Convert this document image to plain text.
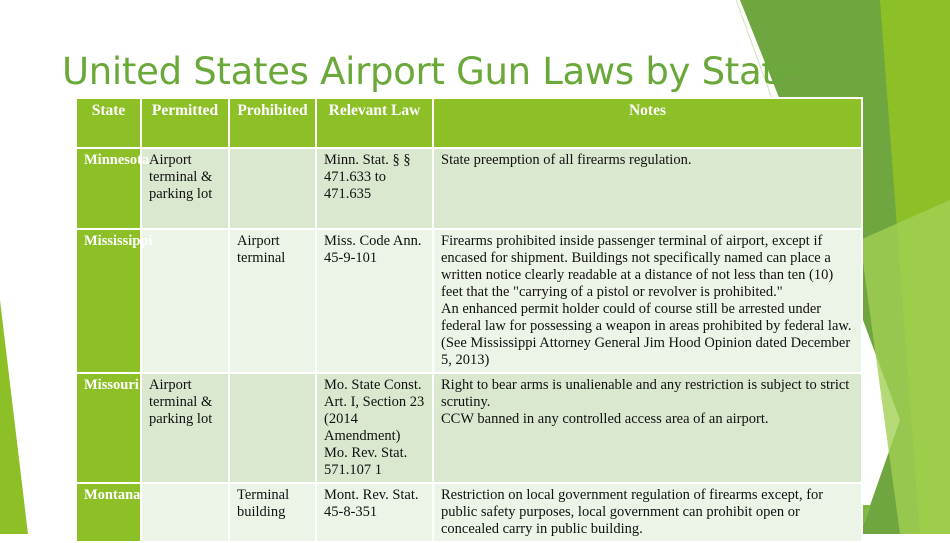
United States Airport Gun Laws by State
State	Permitted	Prohibited	Relevant Law	Notes
Minnesota	Airport terminal & parking lot		Minn. Stat. § § 471.633 to 471.635	State preemption of all firearms regulation.
Mississippi		Airport terminal	Miss. Code Ann. 45-9-101	Firearms prohibited inside passenger terminal of airport, except if encased for shipment. Buildings not specifically named can place a written notice clearly readable at a distance of not less than ten (10) feet that the "carrying of a pistol or revolver is prohibited."
An enhanced permit holder could of course still be arrested under federal law for possessing a weapon in areas prohibited by federal law. (See Mississippi Attorney General Jim Hood Opinion dated December 5, 2013)

Missouri	Airport terminal & parking lot		Mo. State Const. Art. I, Section 23 (2014 Amendment)
Mo. Rev. Stat. 571.107 1	Right to bear arms is unalienable and any restriction is subject to strict scrutiny.
CCW banned in any controlled access area of an airport.

Montana		Terminal building	Mont. Rev. Stat. 45-8-351	Restriction on local government regulation of firearms except, for public safety purposes, local government can prohibit open or concealed carry in public building.
